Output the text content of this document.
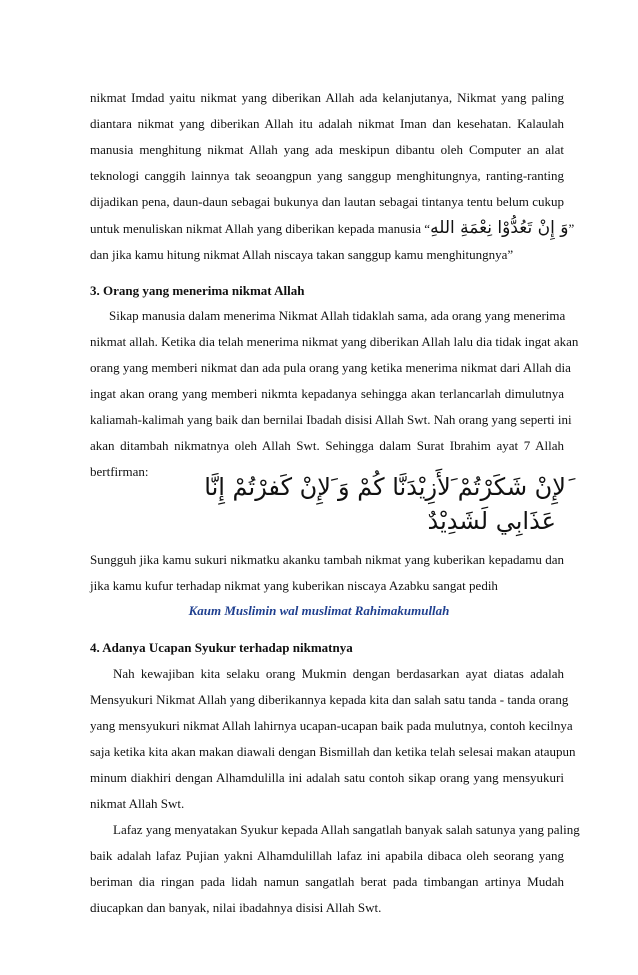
nikmat Imdad yaitu nikmat yang diberikan Allah ada kelanjutanya, Nikmat yang paling
diantara nikmat yang diberikan Allah itu adalah nikmat Iman dan kesehatan. Kalaulah
manusia menghitung nikmat Allah yang ada meskipun dibantu oleh Computer an alat
teknologi canggih lainnya tak seoangpun yang sanggup menghitungnya, ranting-ranting
dijadikan pena, daun-daun sebagai bukunya dan lautan sebagai tintanya tentu belum cukup
untuk menuliskan nikmat Allah yang diberikan kepada manusia “وَ إِنْ تَعُدُّوْا نِعْمَةِ اللهِ”
dan jika kamu hitung nikmat Allah niscaya takan sanggup kamu menghitungnya”
3. Orang yang menerima nikmat Allah
Sikap manusia dalam menerima Nikmat Allah tidaklah sama, ada orang yang menerima
nikmat allah. Ketika dia telah menerima nikmat yang diberikan Allah lalu dia tidak ingat akan
orang yang memberi nikmat dan ada pula orang yang ketika menerima nikmat dari Allah dia
ingat akan orang yang memberi nikmta kepadanya sehingga akan terlancarlah dimulutnya
kaliamah-kalimah yang baik dan bernilai Ibadah disisi Allah Swt. Nah orang yang seperti ini
akan ditambah nikmatnya oleh Allah Swt. Sehingga dalam Surat Ibrahim ayat 7 Allah
bertfirman:
َلإِنْ شَكَرْتُمْ َلأَزِيْدَنَّا كُمْ وَ َلإِنْ كَفرْتُمْ إِنَّا
عَذَابِي لَشَدِيْدٌ
Sungguh jika kamu sukuri nikmatku akanku tambah nikmat yang kuberikan kepadamu dan
jika kamu kufur terhadap nikmat yang kuberikan niscaya Azabku sangat pedih
Kaum Muslimin wal muslimat Rahimakumullah
4. Adanya Ucapan Syukur terhadap nikmatnya
Nah kewajiban kita selaku orang Mukmin dengan berdasarkan ayat diatas adalah
Mensyukuri Nikmat Allah yang diberikannya kepada kita dan salah satu tanda - tanda orang
yang mensyukuri nikmat Allah lahirnya ucapan-ucapan baik pada mulutnya, contoh kecilnya
saja ketika kita akan makan diawali dengan Bismillah dan ketika telah selesai makan ataupun
minum diakhiri dengan Alhamdulilla ini adalah satu contoh sikap orang yang mensyukuri
nikmat Allah Swt.
Lafaz yang menyatakan Syukur kepada Allah sangatlah banyak salah satunya yang paling
baik adalah lafaz Pujian yakni Alhamdulillah lafaz ini apabila dibaca oleh seorang yang
beriman dia ringan pada lidah namun sangatlah berat pada timbangan artinya Mudah
diucapkan dan banyak, nilai ibadahnya disisi Allah Swt.
